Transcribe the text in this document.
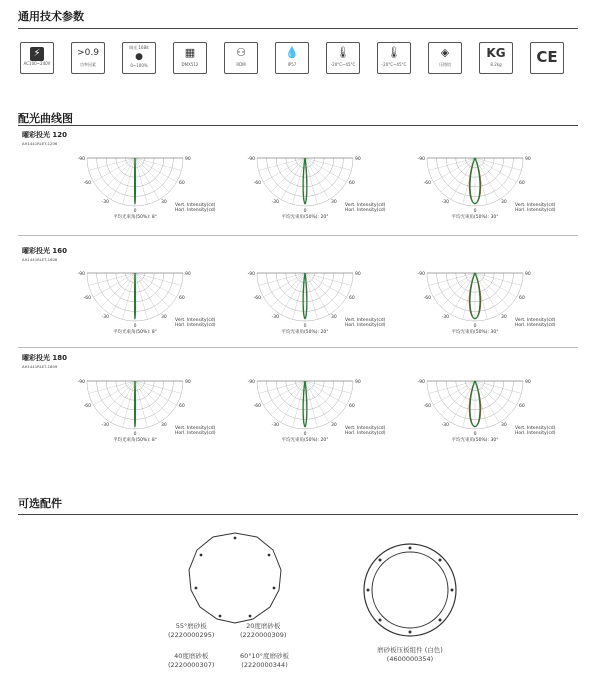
通用技术参数
⚡
AC100~240V
>0.9
功率因素
调光 16Bit
●
0~100%
▦
DMX512
⚇
RDM
💧
IP57
🌡
-20°C~45°C
🌡
-20°C~45°C
◈
压铸铝
KG
8.2kg	CE
配光曲线图
曜彩投光 120
AH1441RLET-1206
曜彩投光 160
AH1441RLET-1608
曜彩投光 180
AH1441RLET-1809
-90	90
-60	60
-30	30
0
平均光束角(50%): 8°
Vert. Intensity(cd)
Horl. Intensity(cd)
-90	90
-60	60
-30	30
0
平均光束角(50%): 20°
Vert. Intensity(cd)
Horl. Intensity(cd)
-90	90
-60	60
-30	30
0
平均光束角(50%): 30°
Vert. Intensity(cd)
Horl. Intensity(cd)
-90	90
-60	60
-30	30
0
平均光束角(50%): 8°
Vert. Intensity(cd)
Horl. Intensity(cd)
-90	90
-60	60
-30	30
0
平均光束角(50%): 20°
Vert. Intensity(cd)
Horl. Intensity(cd)
-90	90
-60	60
-30	30
0
平均光束角(50%): 30°
Vert. Intensity(cd)
Horl. Intensity(cd)
-90	90
-60	60
-30	30
0
平均光束角(50%): 8°
Vert. Intensity(cd)
Horl. Intensity(cd)
-90	90
-60	60
-30	30
0
平均光束角(50%): 20°
Vert. Intensity(cd)
Horl. Intensity(cd)
-90	90
-60	60
-30	30
0
平均光束角(50%): 30°
Vert. Intensity(cd)
Horl. Intensity(cd)
可选配件
55°磨砂板
(2220000295)
20度磨砂板
(2220000309)
40度磨砂板
(2220000307)
60°10°度磨砂板
(2220000344)
磨砂板压板组件 (白色)
(4600000354)
